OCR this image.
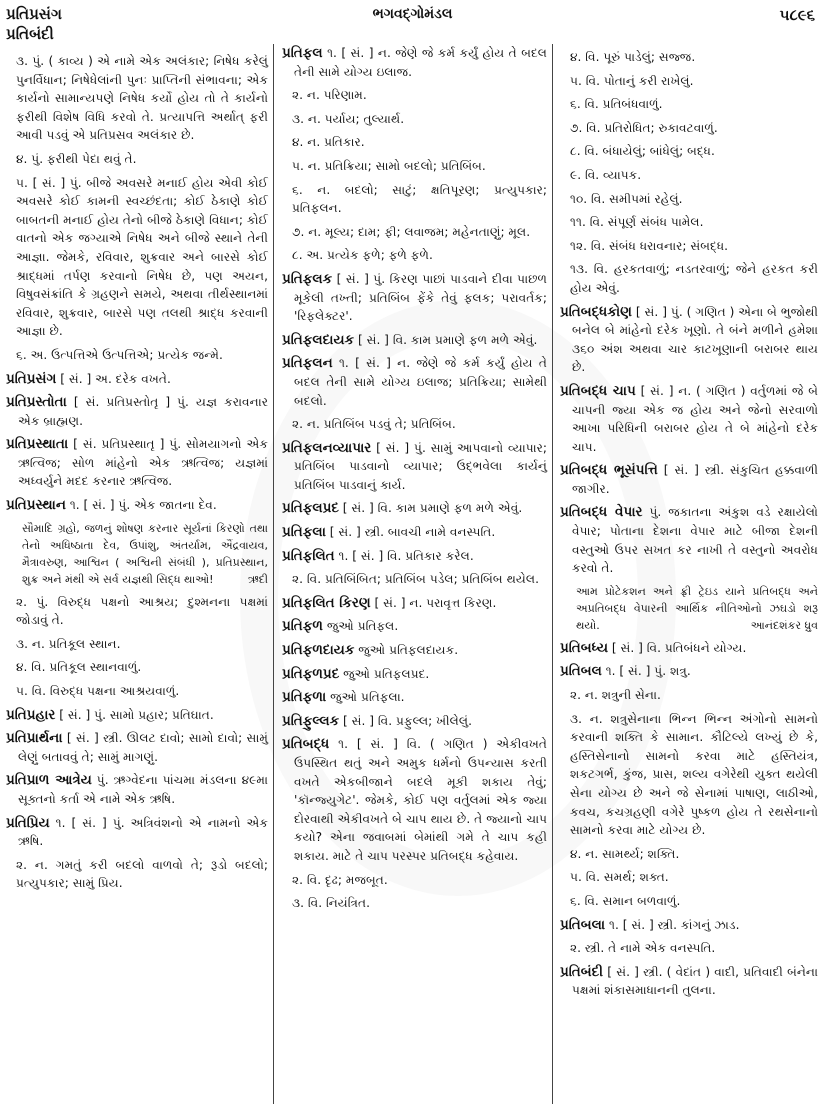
પ્રતિપ્રસંગ
પ્રતિબંદી
ભગવદ્ગોમંડલ	૫૮૯૬
૩. પું. ( કાવ્ય ) એ નામે એક અલંકાર; નિષેધ કરેલું પુનર્વિધાન; નિષેધેલાંની પુનઃ પ્રાપ્તિની સંભાવના; એક કાર્યનો સામાન્યપણે નિષેધ કર્યો હોય તો તે કાર્યનો ફરીથી વિશેષ વિધિ કરવો તે. પ્રત્યાપત્તિ અર્થાત્ ફરી આવી પડવું એ પ્રતિપ્રસવ અલંકાર છે.
૪. પું. ફરીથી પેદા થવું તે.
૫. [ સં. ] પું. બીજે અવસરે મનાઈ હોય એવી કોઈ અવસરે કોઈ કામની સ્વચ્છંદતા; કોઈ ઠેકાણે કોઈ બાબતની મનાઈ હોય તેનો બીજે ઠેકાણે વિધાન; કોઈ વાતનો એક જગ્યાએ નિષેધ અને બીજે સ્થાને તેની આજ્ઞા. જેમકે, રવિવાર, શુક્રવાર અને બારસે કોઈ શ્રાદ્ધમાં તર્પણ કરવાનો નિષેધ છે, પણ અયન, વિષુવસંક્રાંતિ કે ગ્રહણને સમયે, અથવા તીર્થસ્થાનમાં રવિવાર, શુક્રવાર, બારસે પણ તલથી શ્રાદ્ધ કરવાની આજ્ઞા છે.
૬. અ. ઉત્પત્તિએ ઉત્પત્તિએ; પ્રત્યેક જન્મે.
પ્રતિપ્રસંગ [ સં. ] અ. દરેક વખતે.
પ્રતિપ્રસ્તોતા [ સં. પ્રતિપ્રસ્તોતૃ ] પું. યજ્ઞ કરાવનાર એક બ્રાહ્મણ.
પ્રતિપ્રસ્થાતા [ સં. પ્રતિપ્રસ્થાતૃ ] પું. સોમયાગનો એક ઋત્વિજ; સોળ માંહેનો એક ઋત્વિજ; યજ્ઞમાં અધ્વર્યુને મદદ કરનાર ઋત્વિજ.
પ્રતિપ્રસ્થાન ૧. [ સં. ] પું. એક જાતના દેવ.
સૌમાદિ ગ્રહો, જળનું શોષણ કરનાર સૂર્યનાં કિરણો તથા તેનો અધિષ્ઠાતા દેવ, ઉપાંશુ, અંતર્યામ, ઐંદ્રવાયવ, મૈત્રાવરુણ, આશ્વિન ( અશ્વિની સંબંધી ), પ્રતિપ્રસ્થાન, શુક્ર અને મંથી એ સર્વ યજ્ઞથી સિદ્ધ થાઓ!	ઋદી
૨. પું. વિરુદ્ધ પક્ષનો આશ્રય; દુશ્મનના પક્ષમાં જોડાવું તે.
૩. ન. પ્રતિકૂલ સ્થાન.
૪. વિ. પ્રતિકૂલ સ્થાનવાળું.
૫. વિ. વિરુદ્ધ પક્ષના આશ્રયવાળું.
પ્રતિપ્રહાર [ સં. ] પું. સામો પ્રહાર; પ્રતિઘાત.
પ્રતિપ્રાર્થના [ સં. ] સ્ત્રી. ઊલટ દાવો; સામો દાવો; સામું લેણું બતાવવું તે; સામું માગણું.
પ્રતિપ્રાળ આત્રેય પું. ઋગ્વેદના પાંચમા મંડલના ૪૯મા સૂક્તનો કર્તા એ નામે એક ઋષિ.
પ્રતિપ્રિય ૧. [ સં. ] પું. અત્રિવંશનો એ નામનો એક ઋષિ.
૨. ન. ગમતું કરી બદલો વાળવો તે; રૂડો બદલો; પ્રત્યુપકાર; સામું પ્રિય.
પ્રતિફલ ૧. [ સં. ] ન. જેણે જે કર્મ કર્યું હોય તે બદલ તેની સામે યોગ્ય ઇલાજ.
૨. ન. પરિણામ.
૩. ન. પર્યાય; તુલ્યાર્થ.
૪. ન. પ્રતિકાર.
૫. ન. પ્રતિક્રિયા; સામો બદલો; પ્રતિબિંબ.
૬. ન. બદલો; સાટું; ક્ષતિપૂરણ; પ્રત્યુપકાર; પ્રતિફલન.
૭. ન. મૂલ્ય; દામ; ફી; લવાજમ; મહેનતાણું; મૂલ.
૮. અ. પ્રત્યેક ફળે; ફળે ફળે.
પ્રતિફલક [ સં. ] પું. કિરણ પાછાં પાડવાને દીવા પાછળ મૂકેલી તખ્તી; પ્રતિબિંબ ફેંકે તેવું ફલક; પરાવર્તક; 'રિફલેક્ટર'.
પ્રતિફલદાયક [ સં. ] વિ. કામ પ્રમાણે ફળ મળે એવું.
પ્રતિફલન ૧. [ સં. ] ન. જેણે જે કર્મ કર્યું હોય તે બદલ તેની સામે યોગ્ય ઇલાજ; પ્રતિક્રિયા; સામેથી બદલો.
૨. ન. પ્રતિબિંબ પડવું તે; પ્રતિબિંબ.
પ્રતિફલનવ્યાપાર [ સં. ] પું. સામું આપવાનો વ્યાપાર; પ્રતિબિંબ પાડવાનો વ્યાપાર; ઉદ્ભવેલા કાર્યનું પ્રતિબિંબ પાડવાનું કાર્ય.
પ્રતિફલપ્રદ [ સં. ] વિ. કામ પ્રમાણે ફળ મળે એવું.
પ્રતિફલા [ સં. ] સ્ત્રી. બાવચી નામે વનસ્પતિ.
પ્રતિફલિત ૧. [ સં. ] વિ. પ્રતિકાર કરેલ.
૨. વિ. પ્રતિબિંબિત; પ્રતિબિંબ પડેલ; પ્રતિબિંબ થયેલ.
પ્રતિફલિત કિરણ [ સં. ] ન. પરાવૃત્ત કિરણ.
પ્રતિફળ જુઓ પ્રતિફલ.
પ્રતિફળદાયક જુઓ પ્રતિફલદાયક.
પ્રતિફળપ્રદ જુઓ પ્રતિફલપ્રદ.
પ્રતિફળા જુઓ પ્રતિફલા.
પ્રતિફુલ્લક [ સં. ] વિ. પ્રફુલ્લ; ખીલેલું.
પ્રતિબદ્ધ ૧. [ સં. ] વિ. ( ગણિત ) એકીવખતે ઉપસ્થિત થતું અને અમુક ધર્મનો ઉપન્યાસ કરતી વખતે એકબીજાને બદલે મૂકી શકાય તેવું; 'કૉન્જ્યુગેટ'. જેમકે, કોઈ પણ વર્તુલમાં એક જ્યા દોરવાથી એકીવખતે બે ચાપ થાય છે. તે જ્યાનો ચાપ કયો? એના જવાબમાં બેમાંથી ગમે તે ચાપ કહી શકાય. માટે તે ચાપ પરસ્પર પ્રતિબદ્ધ કહેવાય.
૨. વિ. દૃઢ; મજબૂત.
૩. વિ. નિયંત્રિત.
૪. વિ. પૂરું પાડેલું; સજ્જ.
૫. વિ. પોતાનું કરી રાખેલું.
૬. વિ. પ્રતિબંધવાળું.
૭. વિ. પ્રતિરોધિત; રુકાવટવાળું.
૮. વિ. બંધાયેલું; બાંધેલું; બદ્ધ.
૯. વિ. વ્યાપક.
૧૦. વિ. સમીપમાં રહેલું.
૧૧. વિ. સંપૂર્ણ સંબંધ પામેલ.
૧૨. વિ. સંબંધ ધરાવનાર; સંબદ્ધ.
૧૩. વિ. હરકતવાળું; નડતરવાળું; જેને હરકત કરી હોય એવું.
પ્રતિબદ્ધકોણ [ સં. ] પું. ( ગણિત ) એના બે ભુજોથી બનેલ બે માંહેનો દરેક ખૂણો. તે બંને મળીને હમેશા ૩૬૦ અંશ અથવા ચાર કાટખૂણાની બરાબર થાય છે.
પ્રતિબદ્ધ ચાપ [ સં. ] ન. ( ગણિત ) વર્તુળમાં જે બે ચાપની જ્યા એક જ હોય અને જેનો સરવાળો આખા પરિધિની બરાબર હોય તે બે માંહેનો દરેક ચાપ.
પ્રતિબદ્ધ ભૂસંપત્તિ [ સં. ] સ્ત્રી. સંકુચિત હક્કવાળી જાગીર.
પ્રતિબદ્ધ વેપાર પું. જકાતના અંકુશ વડે રક્ષાયેલો વેપાર; પોતાના દેશના વેપાર માટે બીજા દેશની વસ્તુઓ ઉપર સખત કર નાખી તે વસ્તુનો અવરોધ કરવો તે.
આમ પ્રોટેકશન અને ફ્રી ટ્રેઇડ યાને પ્રતિબદ્ધ અને અપ્રતિબદ્ધ વેપારની આર્થિક નીતિઓનો ઝઘડો શરૂ થયો.	આનંદશંકર ધ્રુવ
પ્રતિબધ્ય [ સં. ] વિ. પ્રતિબંધને યોગ્ય.
પ્રતિબલ ૧. [ સં. ] પું. શત્રુ.
૨. ન. શત્રુની સેના.
૩. ન. શત્રુસેનાના ભિન્ન ભિન્ન અંગોનો સામનો કરવાની શક્તિ કે સામાન. કૌટિલ્યે લખ્યું છે કે, હસ્તિસેનાનો સામનો કરવા માટે હસ્તિયંત્ર, શકટગર્ભ, કુંજ, પ્રાસ, શલ્ય વગેરેથી યુક્ત થયેલી સેના યોગ્ય છે અને જે સેનામાં પાષાણ, લાઠીઓ, કવચ, કચગ્રહણી વગેરે પુષ્કળ હોય તે રથસેનાનો સામનો કરવા માટે યોગ્ય છે.
૪. ન. સામર્થ્ય; શક્તિ.
૫. વિ. સમર્થ; શક્ત.
૬. વિ. સમાન બળવાળું.
પ્રતિબલા ૧. [ સં. ] સ્ત્રી. કાંગનું ઝાડ.
૨. સ્ત્રી. તે નામે એક વનસ્પતિ.
પ્રતિબંદી [ સં. ] સ્ત્રી. ( વેદાંત ) વાદી, પ્રતિવાદી બંનેના પક્ષમાં શંકાસમાધાનની તુલના.
